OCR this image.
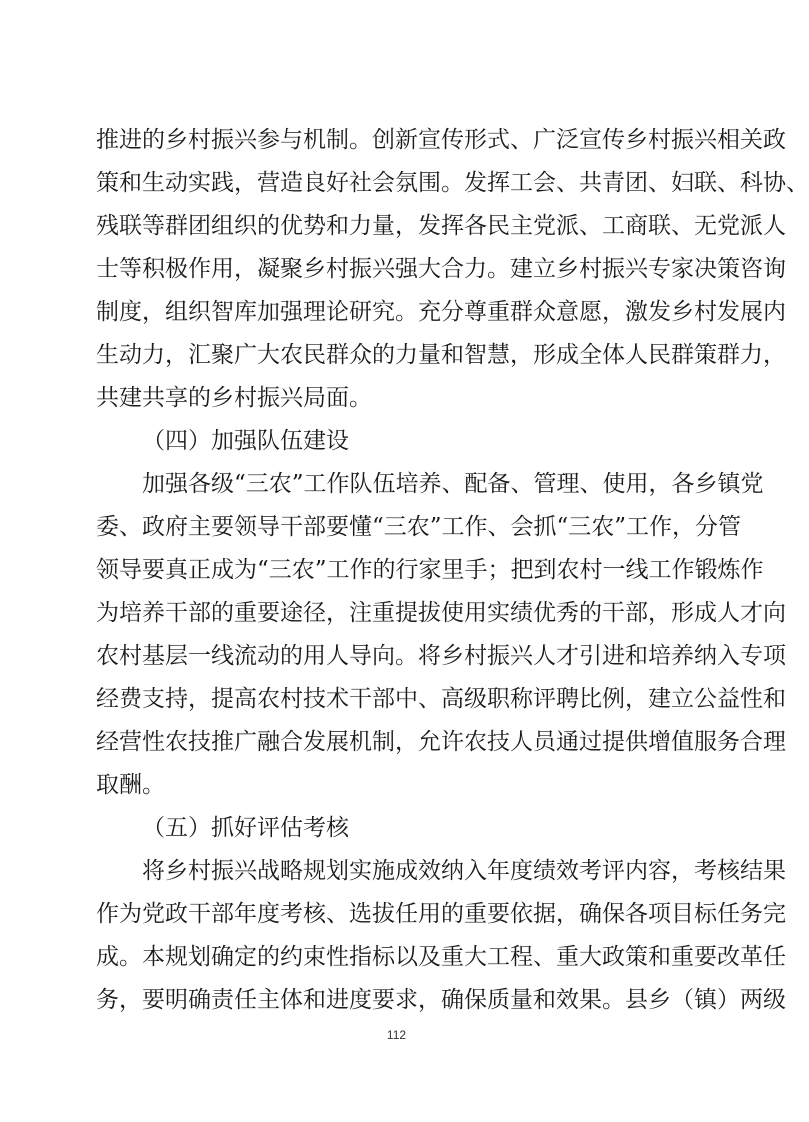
推进的乡村振兴参与机制。创新宣传形式、广泛宣传乡村振兴相关政
策和生动实践，营造良好社会氛围。发挥工会、共青团、妇联、科协、
残联等群团组织的优势和力量，发挥各民主党派、工商联、无党派人
士等积极作用，凝聚乡村振兴强大合力。建立乡村振兴专家决策咨询
制度，组织智库加强理论研究。充分尊重群众意愿，激发乡村发展内
生动力，汇聚广大农民群众的力量和智慧，形成全体人民群策群力，
共建共享的乡村振兴局面。
（四）加强队伍建设
　　加强各级“三农”工作队伍培养、配备、管理、使用，各乡镇党
委、政府主要领导干部要懂“三农”工作、会抓“三农”工作，分管
领导要真正成为“三农”工作的行家里手；把到农村一线工作锻炼作
为培养干部的重要途径，注重提拔使用实绩优秀的干部，形成人才向
农村基层一线流动的用人导向。将乡村振兴人才引进和培养纳入专项
经费支持，提高农村技术干部中、高级职称评聘比例，建立公益性和
经营性农技推广融合发展机制，允许农技人员通过提供增值服务合理
取酬。
（五）抓好评估考核
　　将乡村振兴战略规划实施成效纳入年度绩效考评内容，考核结果
作为党政干部年度考核、选拔任用的重要依据，确保各项目标任务完
成。本规划确定的约束性指标以及重大工程、重大政策和重要改革任
务，要明确责任主体和进度要求，确保质量和效果。县乡（镇）两级
112
